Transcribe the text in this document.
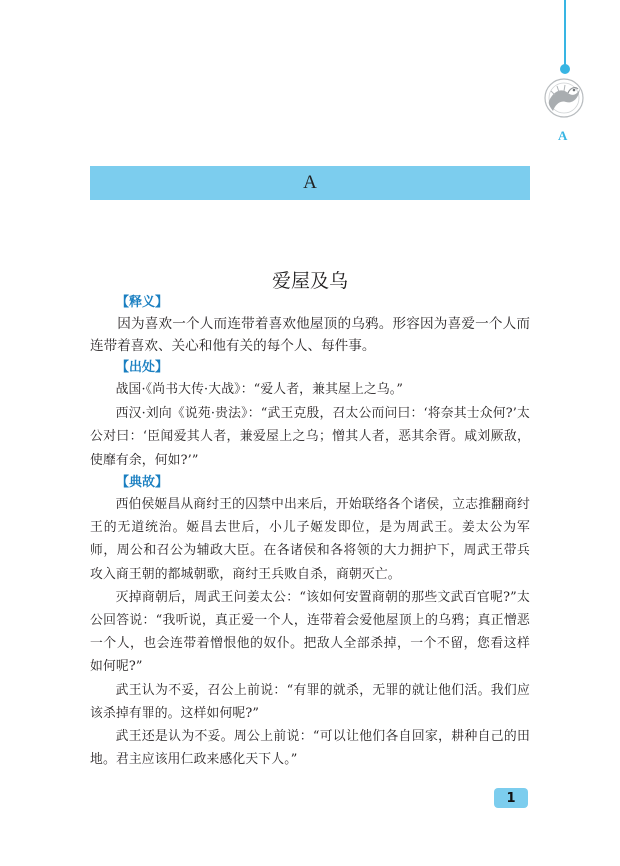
A
A
爱屋及乌

【释义】

因为喜欢一个人而连带着喜欢他屋顶的乌鸦。形容因为喜爱一个人而连带着喜欢、关心和他有关的每个人、每件事。

【出处】

战国·《尚书大传·大战》：“爱人者，兼其屋上之乌。”

西汉·刘向《说苑·贵法》：“武王克殷，召太公而问曰：‘将奈其士众何?’太公对曰：‘臣闻爱其人者，兼爱屋上之乌；憎其人者，恶其余胥。咸刘厥敌，使靡有余，何如?’”

【典故】

西伯侯姬昌从商纣王的囚禁中出来后，开始联络各个诸侯，立志推翻商纣王的无道统治。姬昌去世后，小儿子姬发即位，是为周武王。姜太公为军师，周公和召公为辅政大臣。在各诸侯和各将领的大力拥护下，周武王带兵攻入商王朝的都城朝歌，商纣王兵败自杀，商朝灭亡。

灭掉商朝后，周武王问姜太公：“该如何安置商朝的那些文武百官呢?”太公回答说：“我听说，真正爱一个人，连带着会爱他屋顶上的乌鸦；真正憎恶一个人，也会连带着憎恨他的奴仆。把敌人全部杀掉，一个不留，您看这样如何呢?”

武王认为不妥，召公上前说：“有罪的就杀，无罪的就让他们活。我们应该杀掉有罪的。这样如何呢?”

武王还是认为不妥。周公上前说：“可以让他们各自回家，耕种自己的田地。君主应该用仁政来感化天下人。”

1
